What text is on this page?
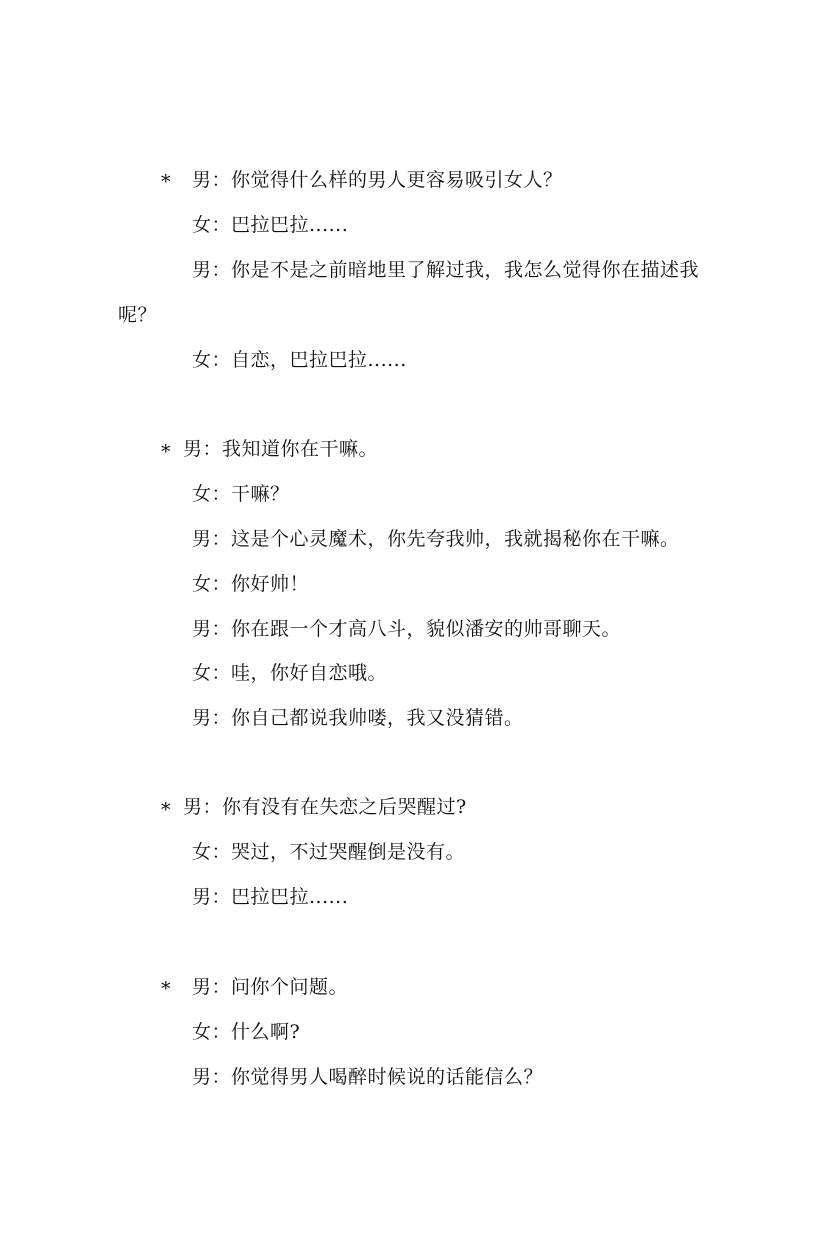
* 男：你觉得什么样的男人更容易吸引女人？
女：巴拉巴拉......
男：你是不是之前暗地里了解过我，我怎么觉得你在描述我
呢？
女：自恋，巴拉巴拉......
* 男：我知道你在干嘛。
女：干嘛？
男：这是个心灵魔术，你先夸我帅，我就揭秘你在干嘛。
女：你好帅！
男：你在跟一个才高八斗，貌似潘安的帅哥聊天。
女：哇，你好自恋哦。
男：你自己都说我帅喽，我又没猜错。
* 男：你有没有在失恋之后哭醒过?
女：哭过，不过哭醒倒是没有。
男：巴拉巴拉......
* 男：问你个问题。
女：什么啊?
男：你觉得男人喝醉时候说的话能信么？
